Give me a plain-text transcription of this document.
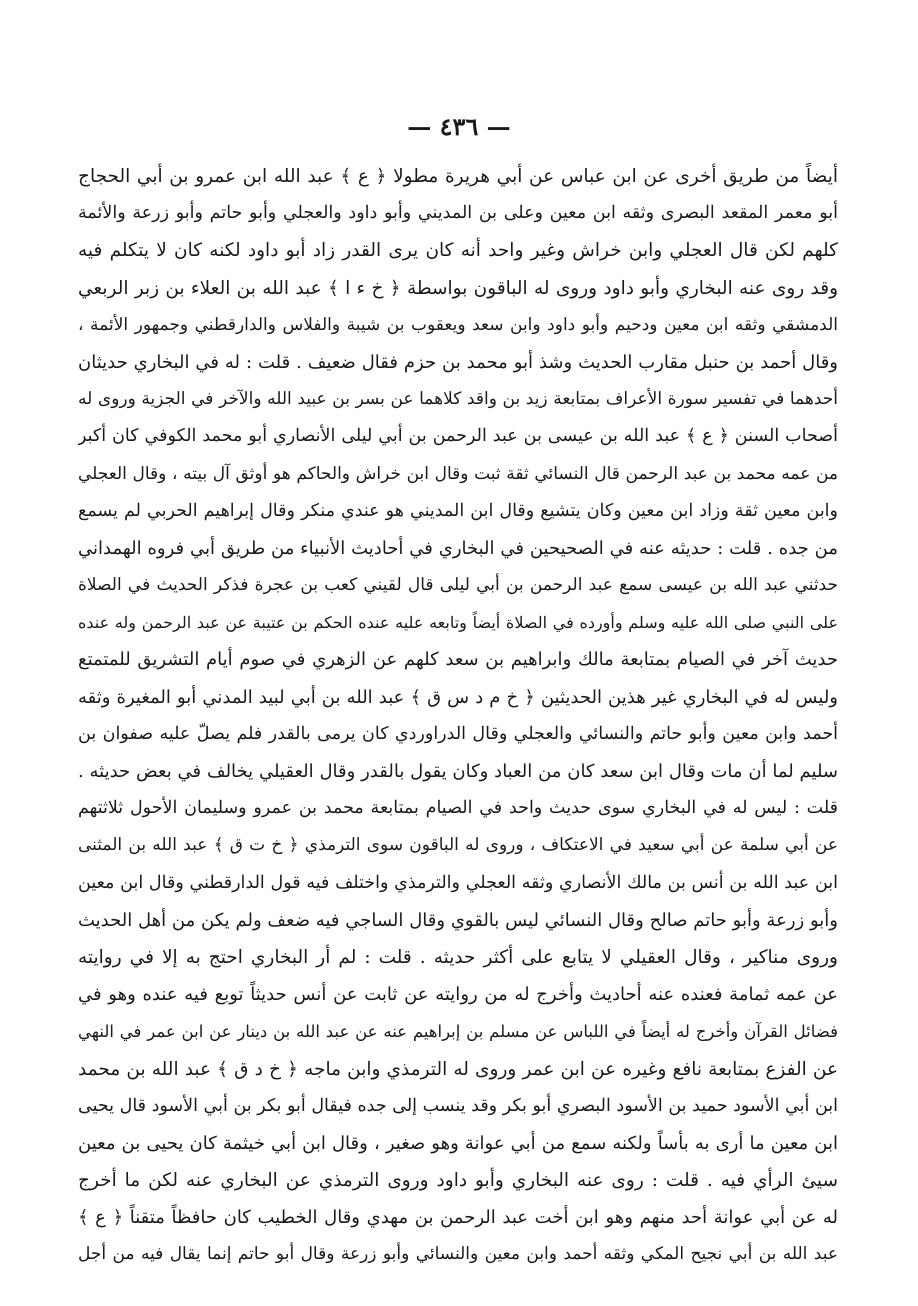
— ٤٣٦ —
أيضاً من طريق أخرى عن ابن عباس عن أبي هريرة مطولا ﴿ ع ﴾ عبد الله ابن عمرو بن أبي الحجاج
أبو معمر المقعد البصرى وثقه ابن معين وعلى بن المديني وأبو داود والعجلي وأبو حاتم وأبو زرعة والأئمة
كلهم لكن قال العجلي وابن خراش وغير واحد أنه كان يرى القدر زاد أبو داود لكنه كان لا يتكلم فيه
وقد روى عنه البخاري وأبو داود وروى له الباقون بواسطة ﴿ خ ء ا ﴾ عبد الله بن العلاء بن زبر الربعي
الدمشقي وثقه ابن معين ودحيم وأبو داود وابن سعد ويعقوب بن شيبة والفلاس والدارقطني وجمهور الأئمة ،
وقال أحمد بن حنبل مقارب الحديث وشذ أبو محمد بن حزم فقال ضعيف . قلت : له في البخاري حديثان
أحدهما في تفسير سورة الأعراف بمتابعة زيد بن واقد كلاهما عن بسر بن عبيد الله والآخر في الجزية وروى له
أصحاب السنن ﴿ ع ﴾ عبد الله بن عيسى بن عبد الرحمن بن أبي ليلى الأنصاري أبو محمد الكوفي كان أكبر
من عمه محمد بن عبد الرحمن قال النسائي ثقة ثبت وقال ابن خراش والحاكم هو أوثق آل بيته ، وقال العجلي
وابن معين ثقة وزاد ابن معين وكان يتشيع وقال ابن المديني هو عندي منكر وقال إبراهيم الحربي لم يسمع
من جده . قلت : حديثه عنه في الصحيحين في البخاري في أحاديث الأنبياء من طريق أبي فروه الهمداني
حدثني عبد الله بن عيسى سمع عبد الرحمن بن أبي ليلى قال لقيني كعب بن عجرة فذكر الحديث في الصلاة
على النبي صلى الله عليه وسلم وأورده في الصلاة أيضاً وتابعه عليه عنده الحكم بن عتيبة عن عبد الرحمن وله عنده
حديث آخر في الصيام بمتابعة مالك وابراهيم بن سعد كلهم عن الزهري في صوم أيام التشريق للمتمتع
وليس له في البخاري غير هذين الحديثين ﴿ خ م د س ق ﴾ عبد الله بن أبي لبيد المدني أبو المغيرة وثقه
أحمد وابن معين وأبو حاتم والنسائي والعجلي وقال الدراوردي كان يرمى بالقدر فلم يصلّ عليه صفوان بن
سليم لما أن مات وقال ابن سعد كان من العباد وكان يقول بالقدر وقال العقيلي يخالف في بعض حديثه .
قلت : ليس له في البخاري سوى حديث واحد في الصيام بمتابعة محمد بن عمرو وسليمان الأحول ثلاثتهم
عن أبي سلمة عن أبي سعيد في الاعتكاف ، وروى له الباقون سوى الترمذي ﴿ خ ت ق ﴾ عبد الله بن المثنى
ابن عبد الله بن أنس بن مالك الأنصاري وثقه العجلي والترمذي واختلف فيه قول الدارقطني وقال ابن معين
وأبو زرعة وأبو حاتم صالح وقال النسائي ليس بالقوي وقال الساجي فيه ضعف ولم يكن من أهل الحديث
وروى مناكير ، وقال العقيلي لا يتابع على أكثر حديثه . قلت : لم أر البخاري احتج به إلا في روايته
عن عمه ثمامة فعنده عنه أحاديث وأخرج له من روايته عن ثابت عن أنس حديثاً توبع فيه عنده وهو في
فضائل القرآن وأخرج له أيضاً في اللباس عن مسلم بن إبراهيم عنه عن عبد الله بن دينار عن ابن عمر في النهي
عن الفزع بمتابعة نافع وغيره عن ابن عمر وروى له الترمذي وابن ماجه ﴿ خ د ق ﴾ عبد الله بن محمد
ابن أبي الأسود حميد بن الأسود البصري أبو بكر وقد ينسب إلى جده فيقال أبو بكر بن أبي الأسود قال يحيى
ابن معين ما أرى به بأساً ولكنه سمع من أبي عوانة وهو صغير ، وقال ابن أبي خيثمة كان يحيى بن معين
سيئ الرأي فيه . قلت : روى عنه البخاري وأبو داود وروى الترمذي عن البخاري عنه لكن ما أخرج
له عن أبي عوانة أحد منهم وهو ابن أخت عبد الرحمن بن مهدي وقال الخطيب كان حافظاً متقناً ﴿ ع ﴾
عبد الله بن أبي نجيح المكي وثقه أحمد وابن معين والنسائي وأبو زرعة وقال أبو حاتم إنما يقال فيه من أجل
